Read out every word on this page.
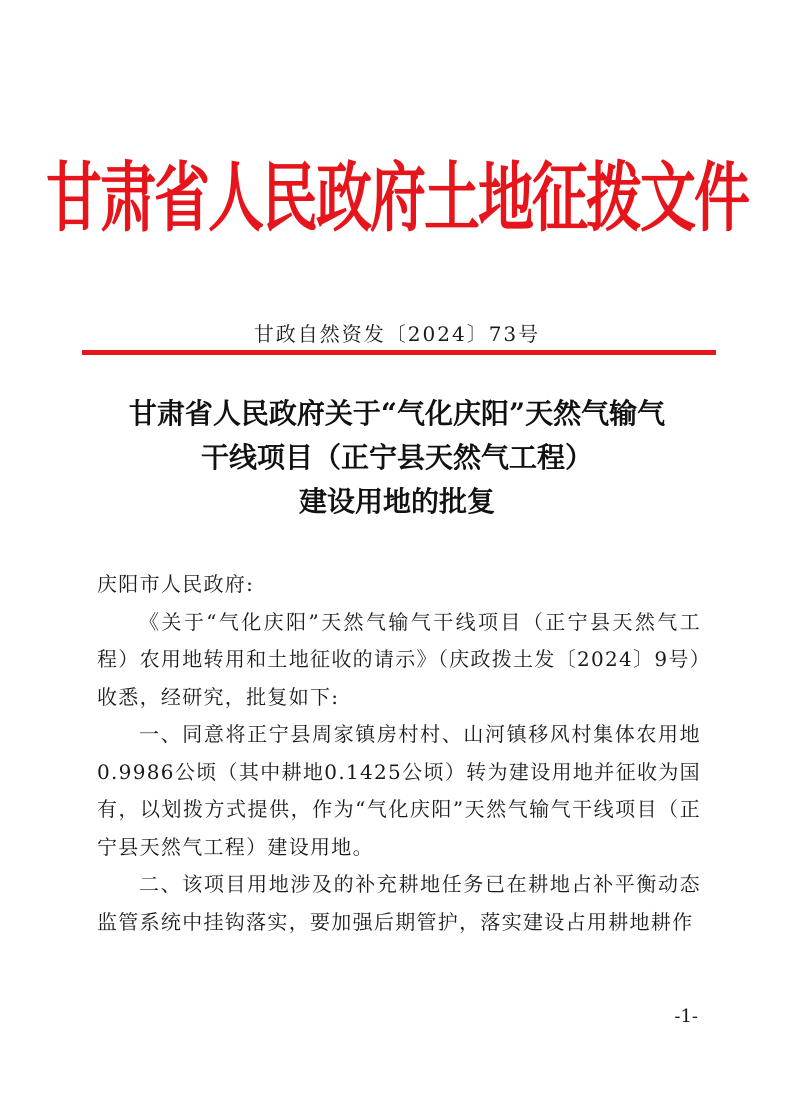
甘肃省人民政府土地征拨文件
甘政自然资发〔2024〕73号
甘肃省人民政府关于“气化庆阳”天然气输气
干线项目（正宁县天然气工程）
建设用地的批复

庆阳市人民政府:

《关于“气化庆阳”天然气输气干线项目（正宁县天然气工程）农用地转用和土地征收的请示》（庆政拨土发〔2024〕9号）收悉，经研究，批复如下:

一、同意将正宁县周家镇房村村、山河镇移风村集体农用地0.9986公顷（其中耕地0.1425公顷）转为建设用地并征收为国有，以划拨方式提供，作为“气化庆阳”天然气输气干线项目（正宁县天然气工程）建设用地。

二、该项目用地涉及的补充耕地任务已在耕地占补平衡动态监管系统中挂钩落实，要加强后期管护，落实建设占用耕地耕作

-1-
